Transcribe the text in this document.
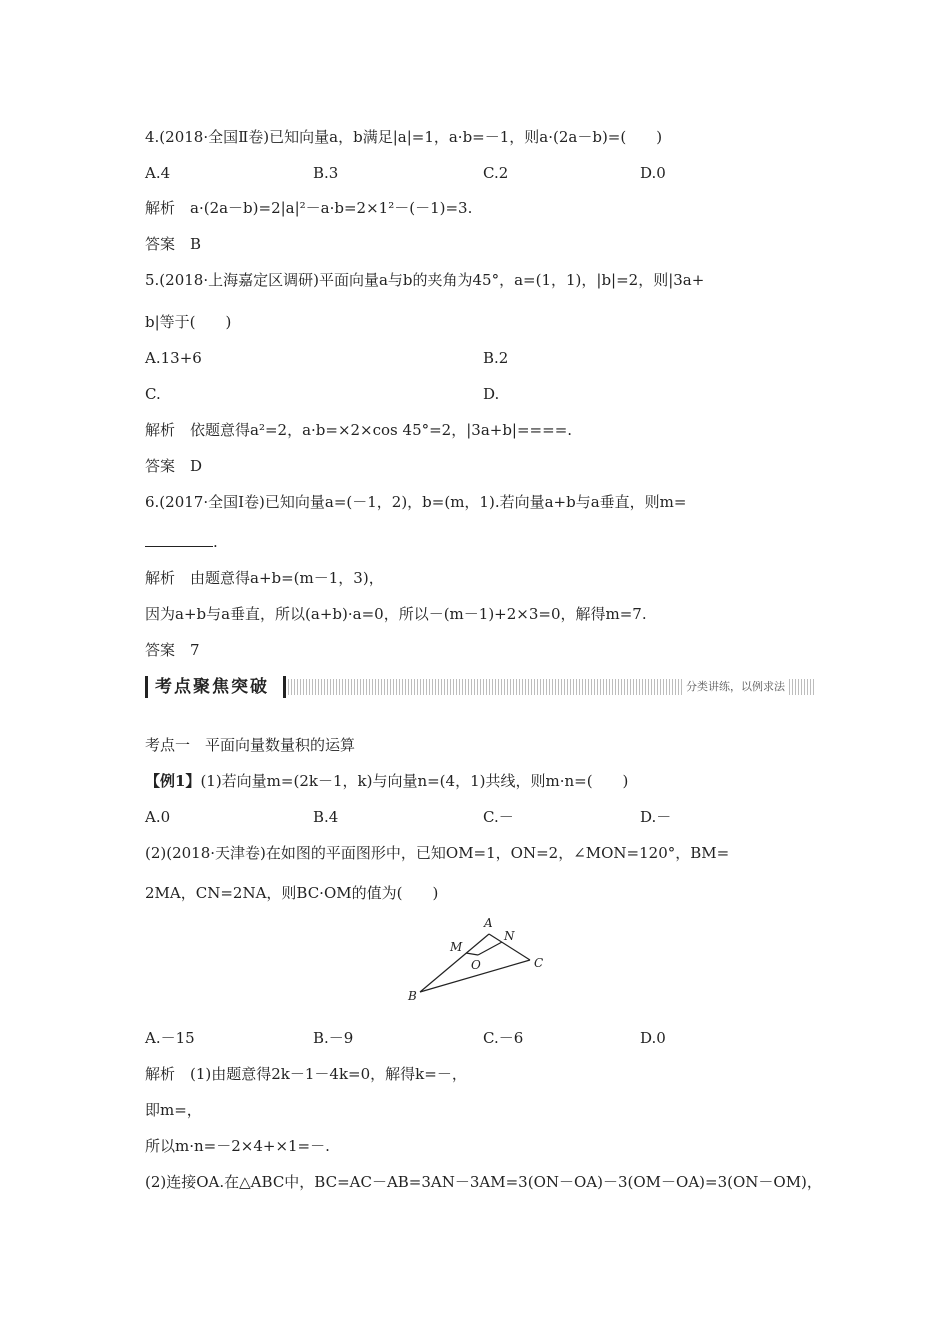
4.(2018·全国Ⅱ卷)已知向量a，b满足|a|=1，a·b=－1，则a·(2a－b)=(　　)
A.4	B.3	C.2	D.0
解析　a·(2a－b)=2|a|²－a·b=2×1²－(－1)=3.
答案　B
5.(2018·上海嘉定区调研)平面向量a与b的夹角为45°，a=(1，1)，|b|=2，则|3a+
b|等于(　　)
A.13+6	B.2
C.	D.
解析　依题意得a²=2，a·b=×2×cos 45°=2，|3a+b|====.
答案　D
6.(2017·全国Ⅰ卷)已知向量a=(－1，2)，b=(m，1).若向量a+b与a垂直，则m=
.
解析　由题意得a+b=(m－1，3)，
因为a+b与a垂直，所以(a+b)·a=0，所以－(m－1)+2×3=0，解得m=7.
答案　7
考点聚焦突破	分类讲练，以例求法
考点一　平面向量数量积的运算
【例1】(1)若向量m=(2k－1，k)与向量n=(4，1)共线，则m·n=(　　)
A.0	B.4	C.－	D.－
(2)(2018·天津卷)在如图的平面图形中，已知OM=1，ON=2，∠MON=120°，BM=
2MA，CN=2NA，则BC·OM的值为(　　)
A
M
N
O	C
B
A.－15	B.－9	C.－6	D.0
解析　(1)由题意得2k－1－4k=0，解得k=－，
即m=，
所以m·n=－2×4+×1=－.
(2)连接OA.在△ABC中，BC=AC－AB=3AN－3AM=3(ON－OA)－3(OM－OA)=3(ON－OM)，
